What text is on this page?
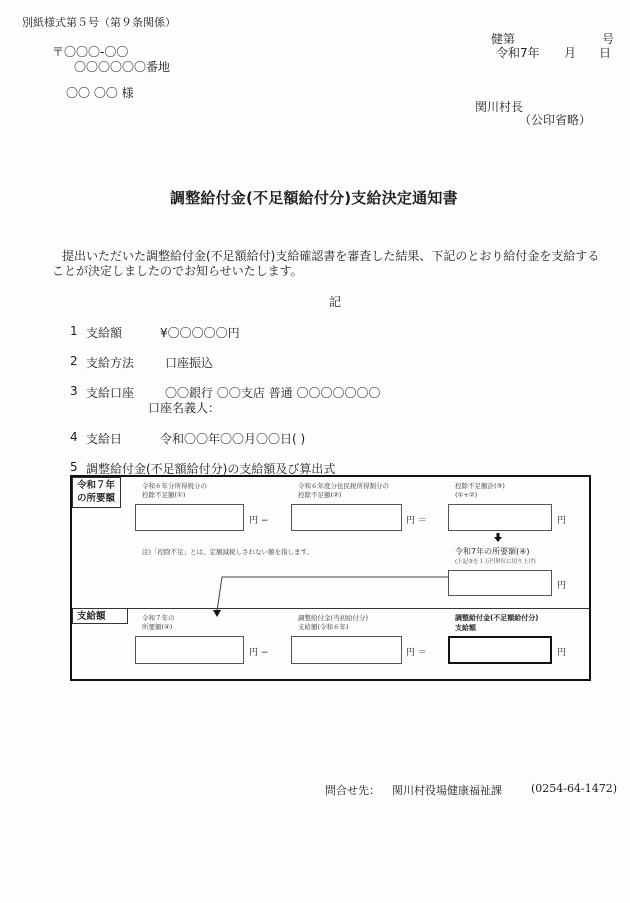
別紙様式第５号（第９条関係）
〒〇〇〇-〇〇
〇〇〇〇〇〇番地
〇〇 〇〇 様
健第	号
令和7年 月 日
関川村長
（公印省略）
調整給付金(不足額給付分)支給決定通知書
提出いただいた調整給付金(不足額給付)支給確認書を審査した結果、下記のとおり給付金を支給する
ことが決定しましたのでお知らせいたします。
記
1 支給額	¥〇〇〇〇〇円
2 支給方法	口座振込
3 支給口座	〇〇銀行 〇〇支店 普通 〇〇〇〇〇〇〇
口座名義人：
4 支給日	令和〇〇年〇〇月〇〇日( )
5 調整給付金(不足額給付分)の支給額及び算出式
令和７年
の所要額
令和６年分所得税分の
控除不足額(①)
令和６年度分住民税所得割分の
控除不足額(②)
控除不足額計(③)
(①+②)
円 −	円 ＝	円
注)「控除不足」とは、定額減税しされない額を指します。	令和7年の所要額(④)
(上記③を１万円単位に切り上げ)
円
支給額	令和７年の
所要額(④)
調整給付金(当初給付分)
支給額(令和６年)
調整給付金(不足額給付分)
支給額
円 −	円 ＝	円
問合せ先： 関川村役場健康福祉課	(0254-64-1472)
